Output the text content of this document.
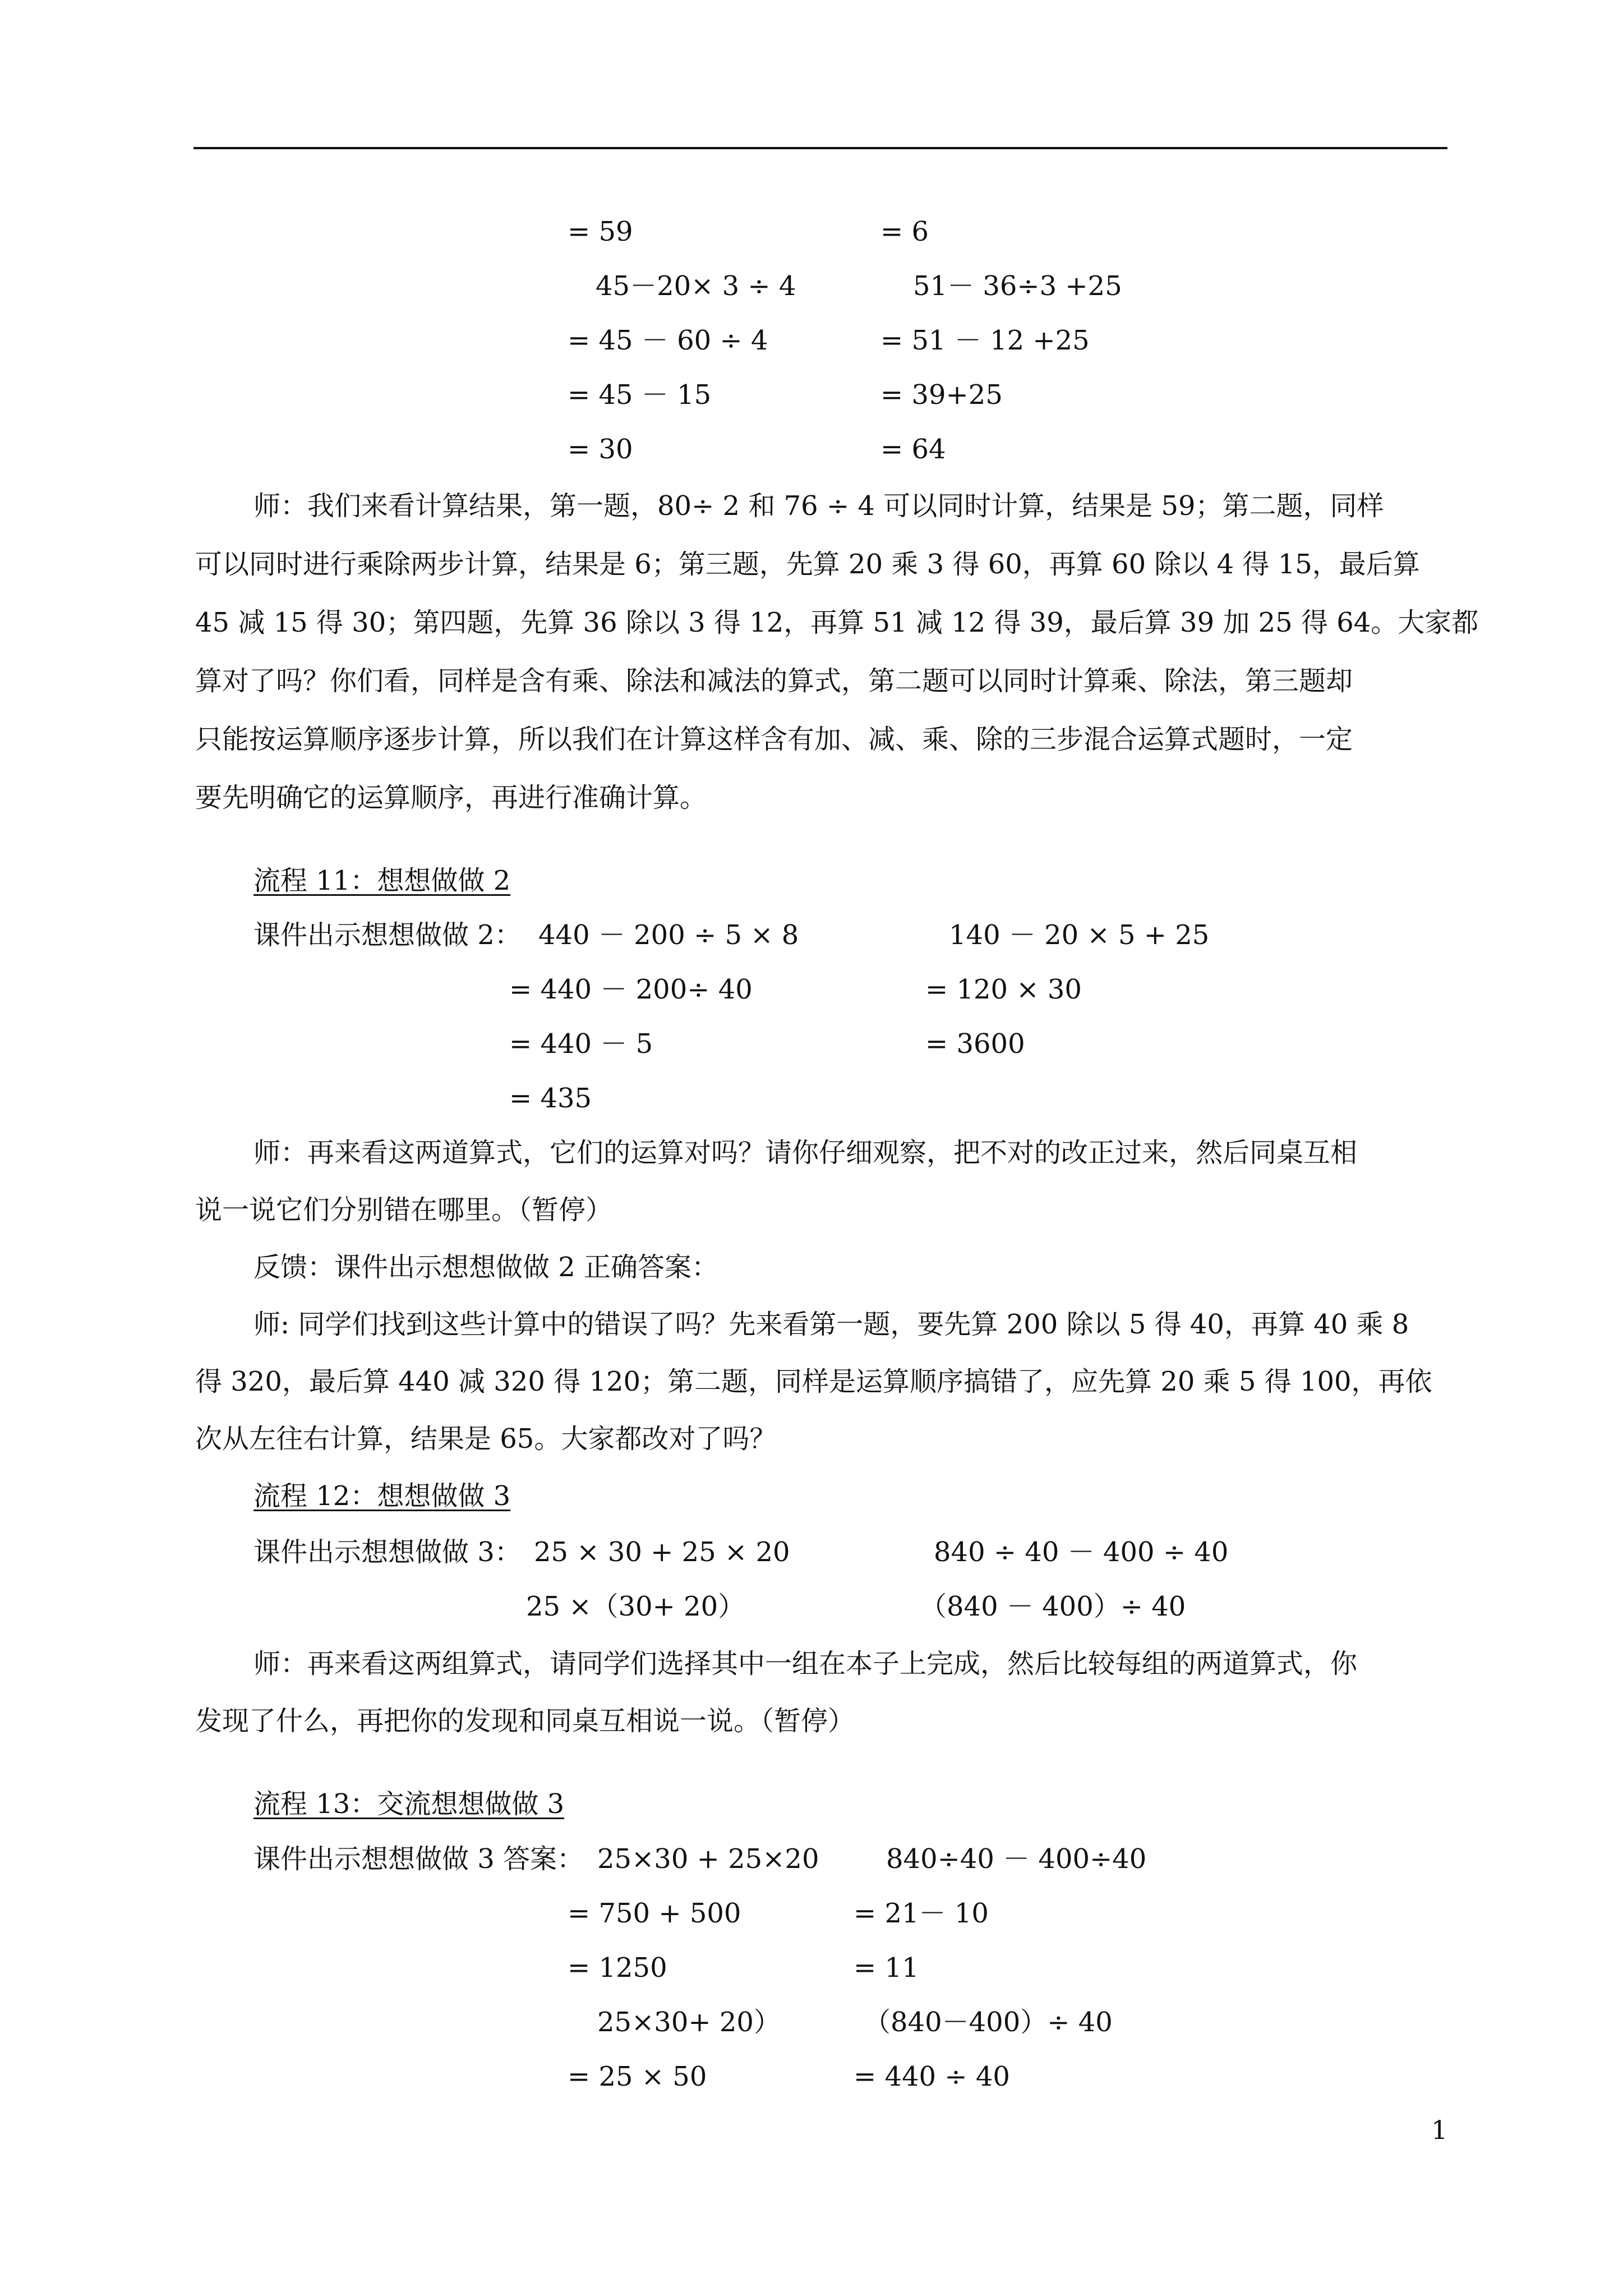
= 59	= 6
45－20× 3 ÷ 4	51－ 36÷3 +25
= 45 － 60 ÷ 4	= 51 － 12 +25
= 45 － 15	= 39+25
= 30	= 64
师：我们来看计算结果，第一题，80÷ 2 和 76 ÷ 4 可以同时计算，结果是 59；第二题，同样
可以同时进行乘除两步计算，结果是 6；第三题，先算 20 乘 3 得 60，再算 60 除以 4 得 15，最后算
45 减 15 得 30；第四题，先算 36 除以 3 得 12，再算 51 减 12 得 39，最后算 39 加 25 得 64。大家都
算对了吗？你们看，同样是含有乘、除法和减法的算式，第二题可以同时计算乘、除法，第三题却
只能按运算顺序逐步计算，所以我们在计算这样含有加、减、乘、除的三步混合运算式题时，一定
要先明确它的运算顺序，再进行准确计算。
流程 11：想想做做 2
课件出示想想做做 2： 440 － 200 ÷ 5 × 8	140 － 20 × 5 + 25
= 440 － 200÷ 40	= 120 × 30
= 440 － 5	= 3600
= 435
师：再来看这两道算式，它们的运算对吗？请你仔细观察，把不对的改正过来，然后同桌互相
说一说它们分别错在哪里。（暂停）
反馈：课件出示想想做做 2 正确答案：
师: 同学们找到这些计算中的错误了吗？先来看第一题，要先算 200 除以 5 得 40，再算 40 乘 8
得 320，最后算 440 减 320 得 120；第二题，同样是运算顺序搞错了，应先算 20 乘 5 得 100，再依
次从左往右计算，结果是 65。大家都改对了吗？
流程 12：想想做做 3
课件出示想想做做 3： 25 × 30 + 25 × 20	840 ÷ 40 － 400 ÷ 40
25 ×（30+ 20）	（840 － 400）÷ 40
师：再来看这两组算式，请同学们选择其中一组在本子上完成，然后比较每组的两道算式，你
发现了什么，再把你的发现和同桌互相说一说。（暂停）
流程 13：交流想想做做 3
课件出示想想做做 3 答案： 25×30 + 25×20 840÷40 － 400÷40
= 750 + 500	= 21－ 10
= 1250	= 11
25×30+ 20）	（840－400）÷ 40
= 25 × 50	= 440 ÷ 40
1
